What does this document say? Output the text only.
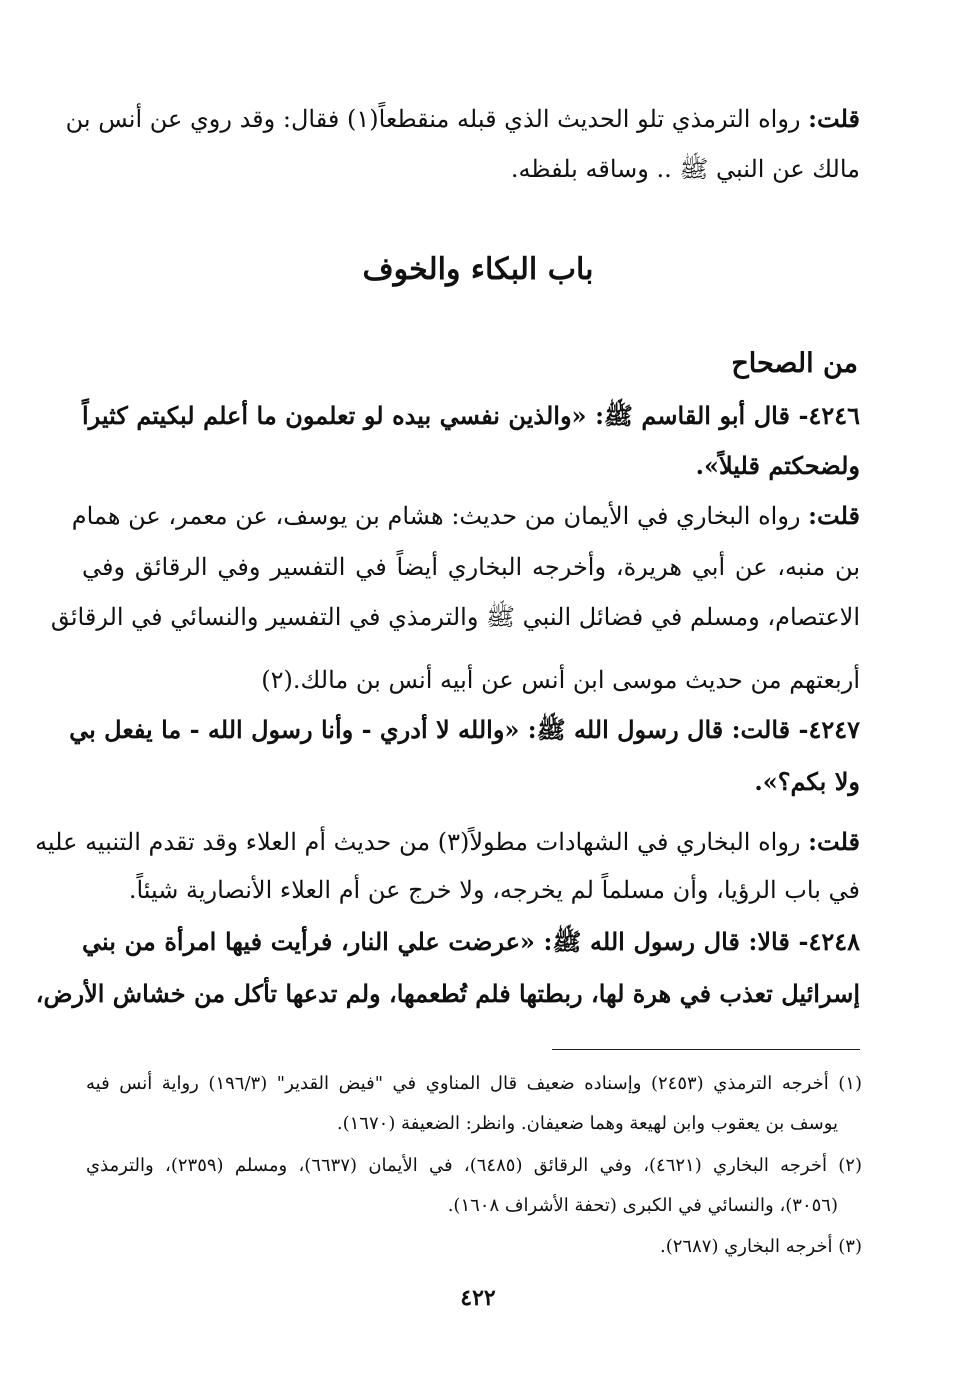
قلت: رواه الترمذي تلو الحديث الذي قبله منقطعاً(١) فقال: وقد روي عن أنس بن
مالك عن النبي ﷺ .. وساقه بلفظه.
باب البكاء والخوف
من الصحاح
٤٢٤٦- قال أبو القاسم ﷺ: «والذين نفسي بيده لو تعلمون ما أعلم لبكيتم كثيراً
ولضحكتم قليلاً».
قلت: رواه البخاري في الأيمان من حديث: هشام بن يوسف، عن معمر، عن همام
بن منبه، عن أبي هريرة، وأخرجه البخاري أيضاً في التفسير وفي الرقائق وفي
الاعتصام، ومسلم في فضائل النبي ﷺ والترمذي في التفسير والنسائي في الرقائق
أربعتهم من حديث موسى ابن أنس عن أبيه أنس بن مالك.(٢)
٤٢٤٧- قالت: قال رسول الله ﷺ: «والله لا أدري - وأنا رسول الله - ما يفعل بي
ولا بكم؟».
قلت: رواه البخاري في الشهادات مطولاً(٣) من حديث أم العلاء وقد تقدم التنبيه عليه
في باب الرؤيا، وأن مسلماً لم يخرجه، ولا خرج عن أم العلاء الأنصارية شيئاً.
٤٢٤٨- قالا: قال رسول الله ﷺ: «عرضت علي النار، فرأيت فيها امرأة من بني
إسرائيل تعذب في هرة لها، ربطتها فلم تُطعمها، ولم تدعها تأكل من خشاش الأرض،
(١) أخرجه الترمذي (٢٤٥٣) وإسناده ضعيف قال المناوي في "فيض القدير" (١٩٦/٣) رواية أنس فيه
يوسف بن يعقوب وابن لهيعة وهما ضعيفان. وانظر: الضعيفة (١٦٧٠).
(٢) أخرجه البخاري (٤٦٢١)، وفي الرقائق (٦٤٨٥)، في الأيمان (٦٦٣٧)، ومسلم (٢٣٥٩)، والترمذي
(٣٠٥٦)، والنسائي في الكبرى (تحفة الأشراف ١٦٠٨).
(٣) أخرجه البخاري (٢٦٨٧).
٤٢٢
